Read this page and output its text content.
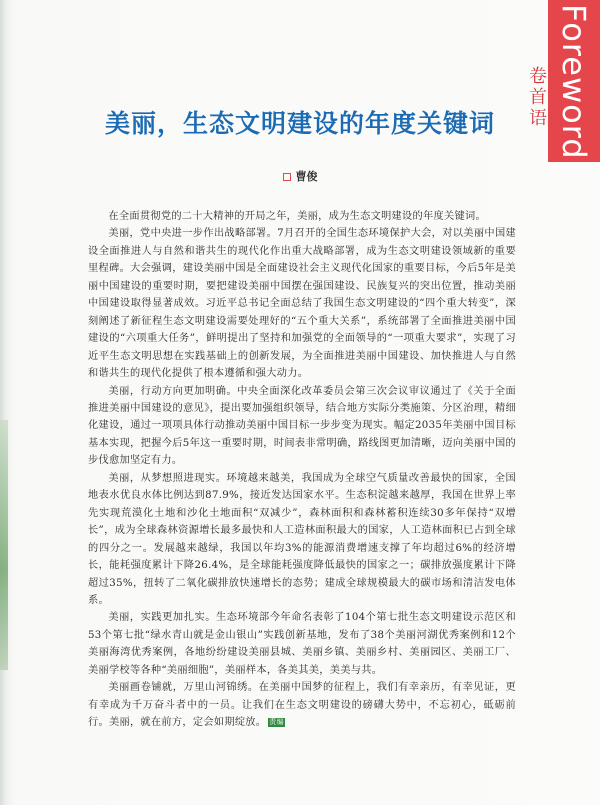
Foreword
卷首语
美丽，生态文明建设的年度关键词
曹俊

在全面贯彻党的二十大精神的开局之年，美丽，成为生态文明建设的年度关键词。

美丽，党中央进一步作出战略部署。7月召开的全国生态环境保护大会，对以美丽中国建设全面推进人与自然和谐共生的现代化作出重大战略部署，成为生态文明建设领域新的重要里程碑。大会强调，建设美丽中国是全面建设社会主义现代化国家的重要目标，今后5年是美丽中国建设的重要时期，要把建设美丽中国摆在强国建设、民族复兴的突出位置，推动美丽中国建设取得显著成效。习近平总书记全面总结了我国生态文明建设的“四个重大转变”，深刻阐述了新征程生态文明建设需要处理好的“五个重大关系”，系统部署了全面推进美丽中国建设的“六项重大任务”，鲜明提出了坚持和加强党的全面领导的“一项重大要求”，实现了习近平生态文明思想在实践基础上的创新发展，为全面推进美丽中国建设、加快推进人与自然和谐共生的现代化提供了根本遵循和强大动力。

美丽，行动方向更加明确。中央全面深化改革委员会第三次会议审议通过了《关于全面推进美丽中国建设的意见》，提出要加强组织领导，结合地方实际分类施策、分区治理，精细化建设，通过一项项具体行动推动美丽中国目标一步步变为现实。幅定2035年美丽中国目标基本实现，把握今后5年这一重要时期，时间表非常明确，路线图更加清晰，迈向美丽中国的步伐愈加坚定有力。

美丽，从梦想照进现实。环境越来越美，我国成为全球空气质量改善最快的国家，全国地表水优良水体比例达到87.9%，接近发达国家水平。生态积淀越来越厚，我国在世界上率先实现荒漠化土地和沙化土地面积“双减少”，森林面积和森林蓄积连续30多年保持“双增长”，成为全球森林资源增长最多最快和人工造林面积最大的国家，人工造林面积已占到全球的四分之一。发展越来越绿，我国以年均3%的能源消费增速支撑了年均超过6%的经济增长，能耗强度累计下降26.4%，是全球能耗强度降低最快的国家之一；碳排放强度累计下降超过35%，扭转了二氧化碳排放快速增长的态势；建成全球规模最大的碳市场和清洁发电体系。

美丽，实践更加扎实。生态环境部今年命名表彰了104个第七批生态文明建设示范区和53个第七批“绿水青山就是金山银山”实践创新基地，发布了38个美丽河湖优秀案例和12个美丽海湾优秀案例，各地纷纷建设美丽县城、美丽乡镇、美丽乡村、美丽园区、美丽工厂、美丽学校等各种“美丽细胞”，美丽样本，各美其美，美美与共。

美丽画卷铺就，万里山河锦绣。在美丽中国梦的征程上，我们有幸亲历，有幸见证，更有幸成为千万奋斗者中的一员。让我们在生态文明建设的磅礴大势中，不忘初心，砥砺前行。美丽，就在前方，定会如期绽放。 责编
